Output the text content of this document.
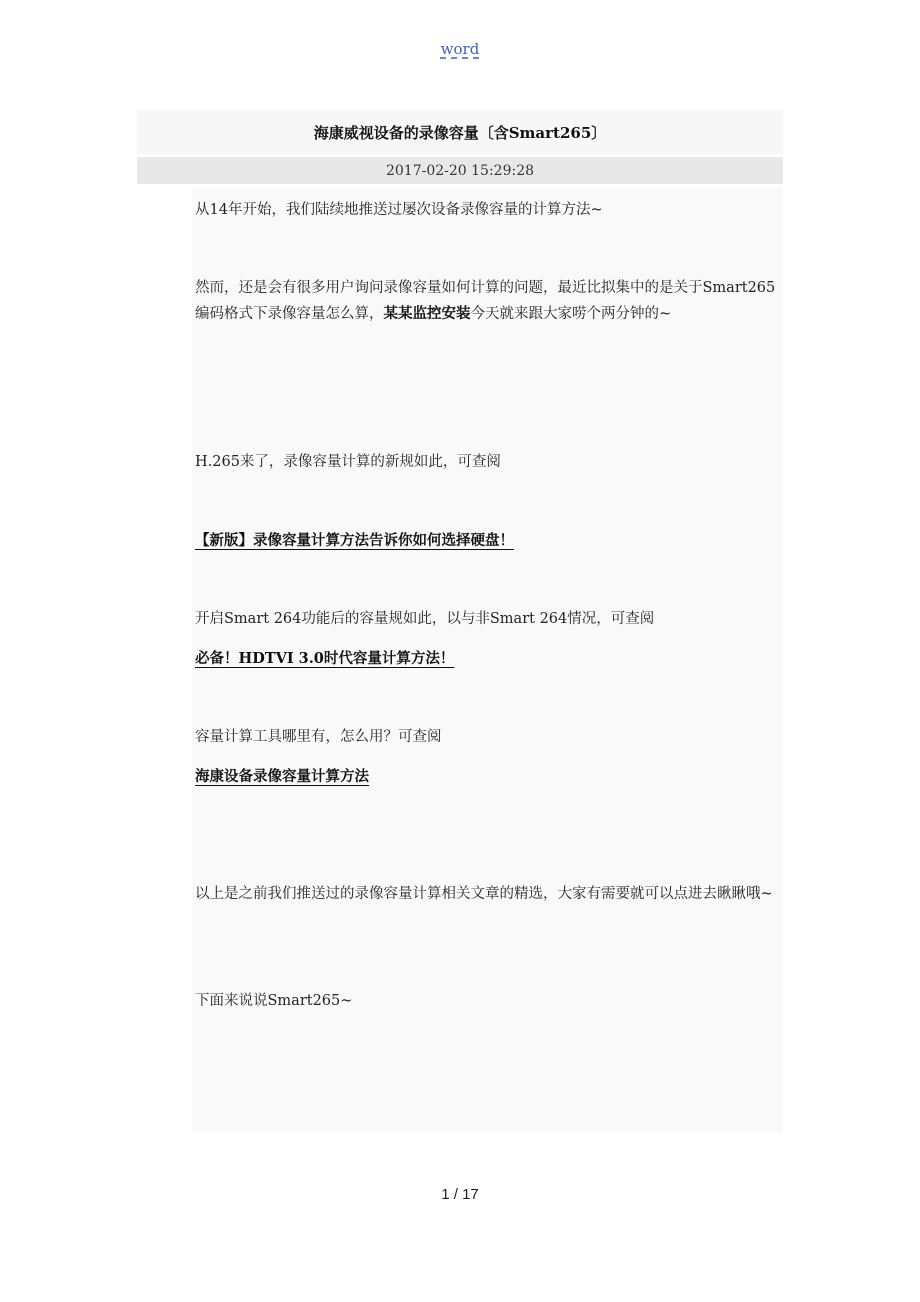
word
海康威视设备的录像容量〔含Smart265〕
2017-02-20 15:29:28
从14年开始，我们陆续地推送过屡次设备录像容量的计算方法~
然而，还是会有很多用户询问录像容量如何计算的问题，最近比拟集中的是关于Smart265编码格式下录像容量怎么算，某某监控安装今天就来跟大家唠个两分钟的~
H.265来了，录像容量计算的新规如此，可查阅
【新版】录像容量计算方法告诉你如何选择硬盘！
开启Smart 264功能后的容量规如此，以与非Smart 264情况，可查阅
必备！HDTVI 3.0时代容量计算方法！
容量计算工具哪里有，怎么用？可查阅
海康设备录像容量计算方法
以上是之前我们推送过的录像容量计算相关文章的精选，大家有需要就可以点进去瞅瞅哦~
下面来说说Smart265~
1 / 17
